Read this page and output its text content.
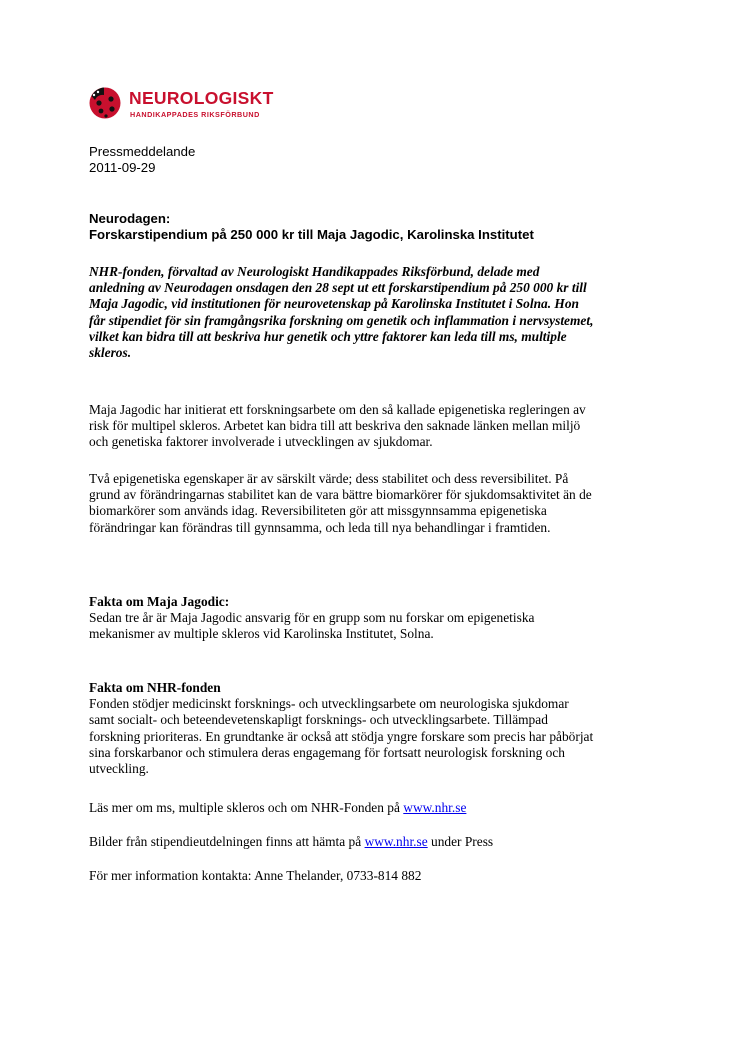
NEUROLOGISKT
HANDIKAPPADES RIKSFÖRBUND
Pressmeddelande
2011-09-29
Neurodagen:
Forskarstipendium på 250 000 kr till Maja Jagodic, Karolinska Institutet
NHR-fonden, förvaltad av Neurologiskt Handikappades Riksförbund, delade med
anledning av Neurodagen onsdagen den 28 sept ut ett forskarstipendium på 250 000 kr till
Maja Jagodic, vid institutionen för neurovetenskap på Karolinska Institutet i Solna. Hon
får stipendiet för sin framgångsrika forskning om genetik och inflammation i nervsystemet,
vilket kan bidra till att beskriva hur genetik och yttre faktorer kan leda till ms, multiple
skleros.
Maja Jagodic har initierat ett forskningsarbete om den så kallade epigenetiska regleringen av
risk för multipel skleros. Arbetet kan bidra till att beskriva den saknade länken mellan miljö
och genetiska faktorer involverade i utvecklingen av sjukdomar.
Två epigenetiska egenskaper är av särskilt värde; dess stabilitet och dess reversibilitet. På
grund av förändringarnas stabilitet kan de vara bättre biomarkörer för sjukdomsaktivitet än de
biomarkörer som används idag. Reversibiliteten gör att missgynnsamma epigenetiska
förändringar kan förändras till gynnsamma, och leda till nya behandlingar i framtiden.
Fakta om Maja Jagodic:
Sedan tre år är Maja Jagodic ansvarig för en grupp som nu forskar om epigenetiska
mekanismer av multiple skleros vid Karolinska Institutet, Solna.
Fakta om NHR-fonden
Fonden stödjer medicinskt forsknings- och utvecklingsarbete om neurologiska sjukdomar
samt socialt- och beteendevetenskapligt forsknings- och utvecklingsarbete. Tillämpad
forskning prioriteras. En grundtanke är också att stödja yngre forskare som precis har påbörjat
sina forskarbanor och stimulera deras engagemang för fortsatt neurologisk forskning och
utveckling.
Läs mer om ms, multiple skleros och om NHR-Fonden på www.nhr.se
Bilder från stipendieutdelningen finns att hämta på www.nhr.se under Press
För mer information kontakta: Anne Thelander, 0733-814 882
